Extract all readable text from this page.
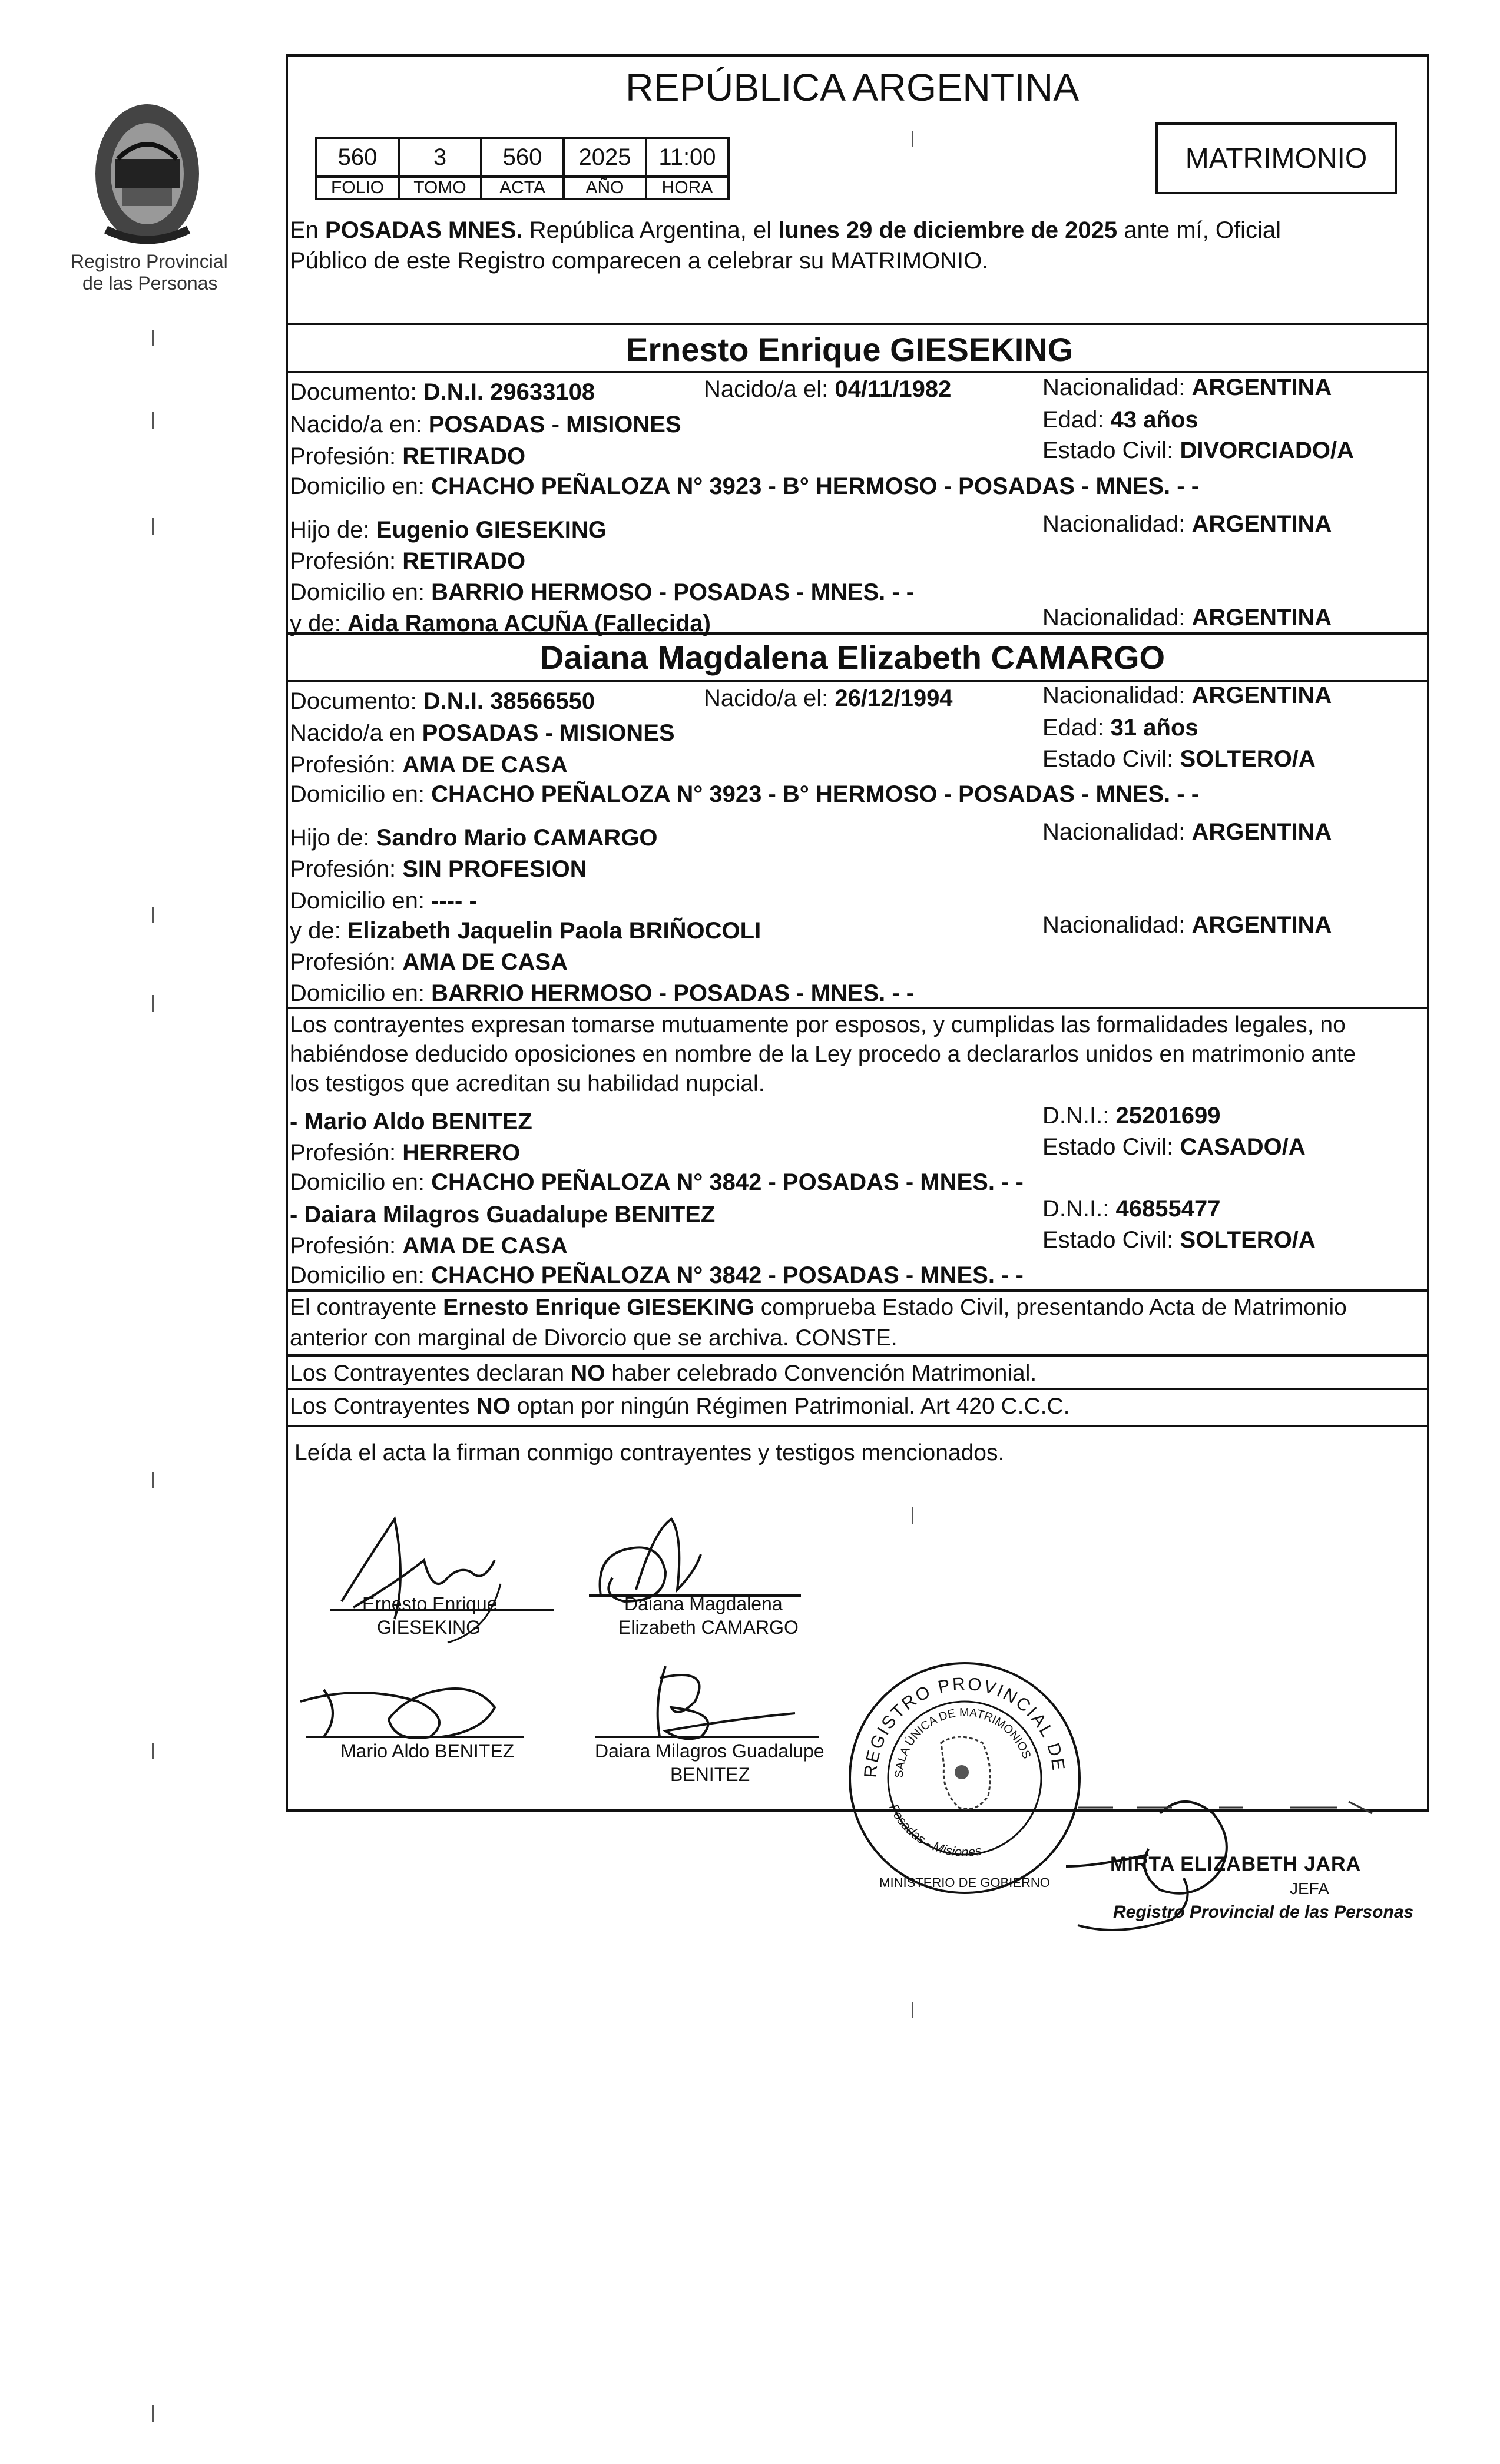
Registro Provincial
de las Personas
REPÚBLICA ARGENTINA
560	3	560	2025	11:00
FOLIO	TOMO	ACTA	AÑO	HORA
MATRIMONIO
En POSADAS MNES. República Argentina, el lunes 29 de diciembre de 2025 ante mí, Oficial
Público de este Registro comparecen a celebrar su MATRIMONIO.
Ernesto Enrique GIESEKING
Documento: D.N.I. 29633108	Nacido/a el: 04/11/1982	Nacionalidad: ARGENTINA
Nacido/a en: POSADAS - MISIONES	Edad: 43 años
Profesión: RETIRADO	Estado Civil: DIVORCIADO/A
Domicilio en: CHACHO PEÑALOZA N° 3923 - B° HERMOSO - POSADAS - MNES. - -
Hijo de: Eugenio GIESEKING	Nacionalidad: ARGENTINA
Profesión: RETIRADO
Domicilio en: BARRIO HERMOSO - POSADAS - MNES. - -
y de: Aida Ramona ACUÑA (Fallecida)	Nacionalidad: ARGENTINA
Daiana Magdalena Elizabeth CAMARGO
Documento: D.N.I. 38566550	Nacido/a el: 26/12/1994	Nacionalidad: ARGENTINA
Nacido/a en POSADAS - MISIONES	Edad: 31 años
Profesión: AMA DE CASA	Estado Civil: SOLTERO/A
Domicilio en: CHACHO PEÑALOZA N° 3923 - B° HERMOSO - POSADAS - MNES. - -
Hijo de: Sandro Mario CAMARGO	Nacionalidad: ARGENTINA
Profesión: SIN PROFESION
Domicilio en: ---- -
y de: Elizabeth Jaquelin Paola BRIÑOCOLI	Nacionalidad: ARGENTINA
Profesión: AMA DE CASA
Domicilio en: BARRIO HERMOSO - POSADAS - MNES. - -
Los contrayentes expresan tomarse mutuamente por esposos, y cumplidas las formalidades legales, no
habiéndose deducido oposiciones en nombre de la Ley procedo a declararlos unidos en matrimonio ante
los testigos que acreditan su habilidad nupcial.
- Mario Aldo BENITEZ	D.N.I.: 25201699
Profesión: HERRERO	Estado Civil: CASADO/A
Domicilio en: CHACHO PEÑALOZA N° 3842 - POSADAS - MNES. - -
- Daiara Milagros Guadalupe BENITEZ	D.N.I.: 46855477
Profesión: AMA DE CASA	Estado Civil: SOLTERO/A
Domicilio en: CHACHO PEÑALOZA N° 3842 - POSADAS - MNES. - -
El contrayente Ernesto Enrique GIESEKING comprueba Estado Civil, presentando Acta de Matrimonio
anterior con marginal de Divorcio que se archiva. CONSTE.
Los Contrayentes declaran NO haber celebrado Convención Matrimonial.
Los Contrayentes NO optan por ningún Régimen Patrimonial. Art 420 C.C.C.
Leída el acta la firman conmigo contrayentes y testigos mencionados.
Ernesto Enrique
GIESEKING
Daiana Magdalena
Elizabeth CAMARGO
Mario Aldo BENITEZ	Daiara Milagros Guadalupe
BENITEZ	REGISTRO PROVINCIAL DE
SALA ÚNICA DE MATRIMONIOS
Posadas - Misiones
MINISTERIO DE GOBIERNO
MIRTA ELIZABETH JARA
JEFA
Registro Provincial de las Personas
